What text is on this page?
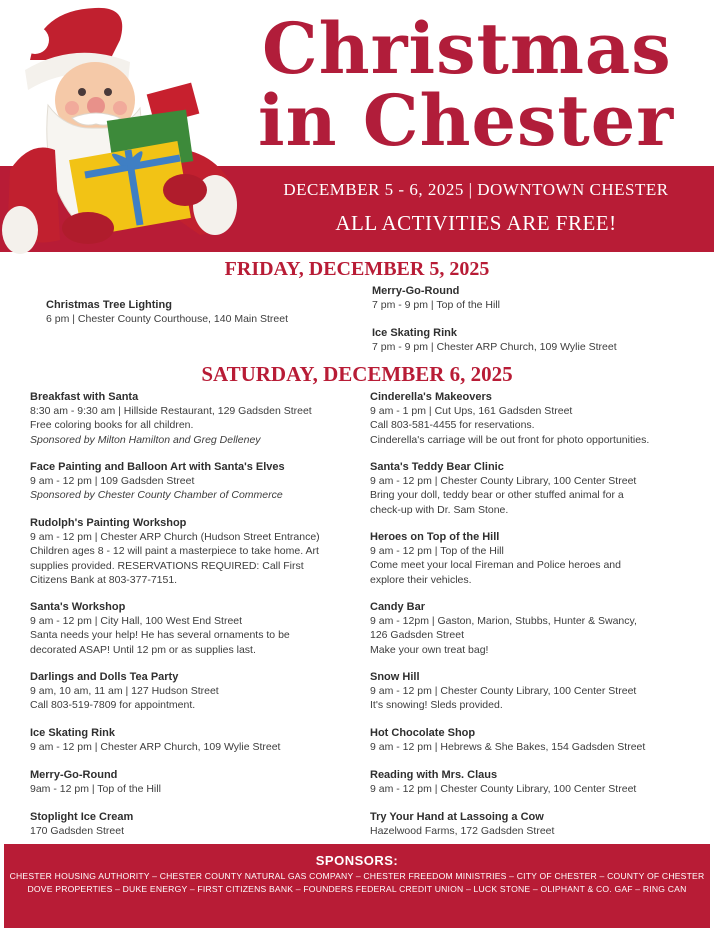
Christmas
in Chester
DECEMBER 5 - 6, 2025 | DOWNTOWN CHESTER
ALL ACTIVITIES ARE FREE!
FRIDAY, DECEMBER 5, 2025
Christmas Tree Lighting
6 pm | Chester County Courthouse, 140 Main Street
Merry-Go-Round
7 pm - 9 pm | Top of the Hill
Ice Skating Rink
7 pm - 9 pm | Chester ARP Church, 109 Wylie Street
SATURDAY, DECEMBER 6, 2025
Breakfast with Santa
8:30 am - 9:30 am | Hillside Restaurant, 129 Gadsden Street
Free coloring books for all children.
Sponsored by Milton Hamilton and Greg Delleney
Face Painting and Balloon Art with Santa's Elves
9 am - 12 pm | 109 Gadsden Street
Sponsored by Chester County Chamber of Commerce
Rudolph's Painting Workshop
9 am - 12 pm | Chester ARP Church (Hudson Street Entrance)
Children ages 8 - 12 will paint a masterpiece to take home. Art
supplies provided. RESERVATIONS REQUIRED: Call First
Citizens Bank at 803-377-7151.
Santa's Workshop
9 am - 12 pm | City Hall, 100 West End Street
Santa needs your help! He has several ornaments to be
decorated ASAP! Until 12 pm or as supplies last.
Darlings and Dolls Tea Party
9 am, 10 am, 11 am | 127 Hudson Street
Call 803-519-7809 for appointment.
Ice Skating Rink
9 am - 12 pm | Chester ARP Church, 109 Wylie Street
Merry-Go-Round
9am - 12 pm | Top of the Hill
Stoplight Ice Cream
170 Gadsden Street
Cinderella's Makeovers
9 am - 1 pm | Cut Ups, 161 Gadsden Street
Call 803-581-4455 for reservations.
Cinderella's carriage will be out front for photo opportunities.
Santa's Teddy Bear Clinic
9 am - 12 pm | Chester County Library, 100 Center Street
Bring your doll, teddy bear or other stuffed animal for a
check-up with Dr. Sam Stone.
Heroes on Top of the Hill
9 am - 12 pm | Top of the Hill
Come meet your local Fireman and Police heroes and
explore their vehicles.
Candy Bar
9 am - 12pm | Gaston, Marion, Stubbs, Hunter & Swancy,
126 Gadsden Street
Make your own treat bag!
Snow Hill
9 am - 12 pm | Chester County Library, 100 Center Street
It's snowing! Sleds provided.
Hot Chocolate Shop
9 am - 12 pm | Hebrews & She Bakes, 154 Gadsden Street
Reading with Mrs. Claus
9 am - 12 pm | Chester County Library, 100 Center Street
Try Your Hand at Lassoing a Cow
Hazelwood Farms, 172 Gadsden Street
SPONSORS:
CHESTER HOUSING AUTHORITY – CHESTER COUNTY NATURAL GAS COMPANY – CHESTER FREEDOM MINISTRIES – CITY OF CHESTER – COUNTY OF CHESTER
DOVE PROPERTIES – DUKE ENERGY – FIRST CITIZENS BANK – FOUNDERS FEDERAL CREDIT UNION – LUCK STONE – OLIPHANT & CO. GAF – RING CAN
